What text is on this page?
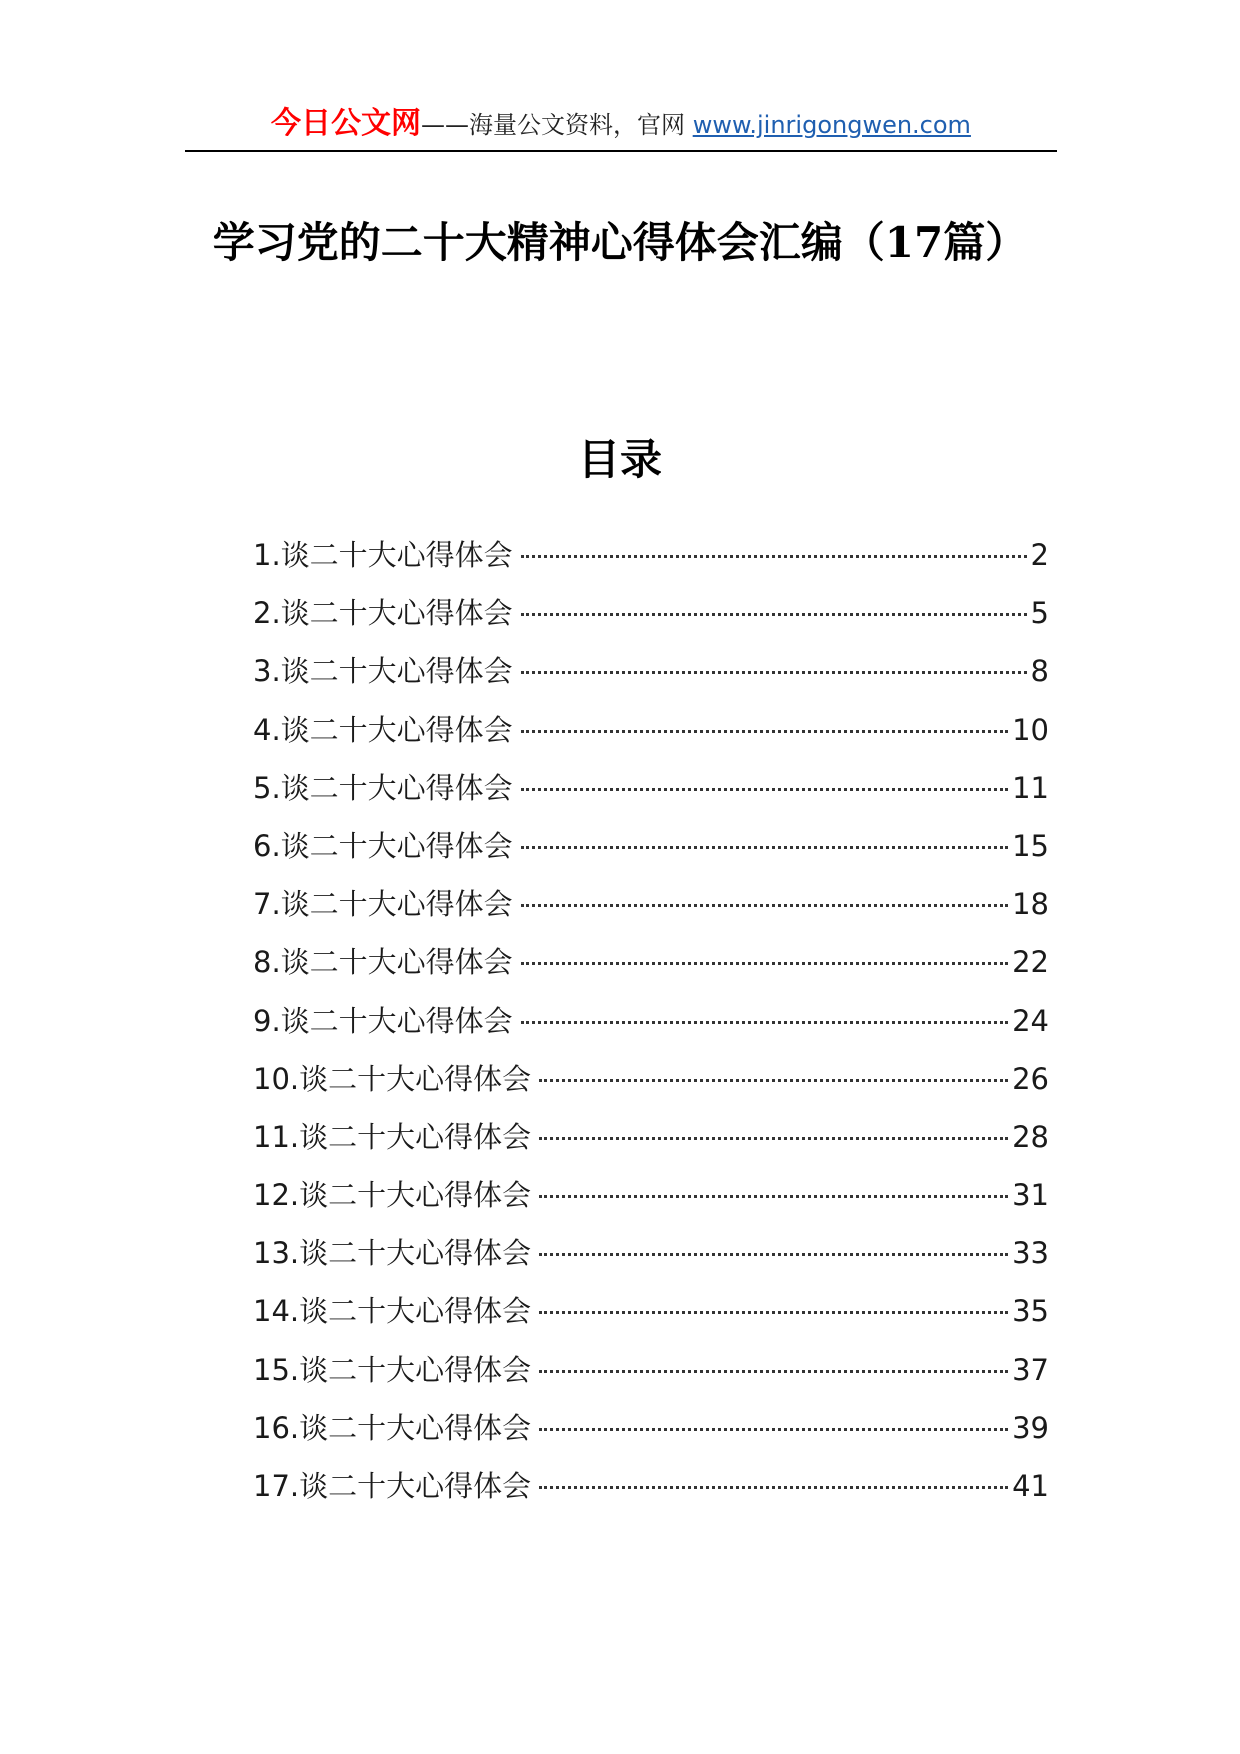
今日公文网——海量公文资料，官网 www.jinrigongwen.com
学习党的二十大精神心得体会汇编（17篇）
目录
1.谈二十大心得体会	2
2.谈二十大心得体会	5
3.谈二十大心得体会	8
4.谈二十大心得体会	10
5.谈二十大心得体会	11
6.谈二十大心得体会	15
7.谈二十大心得体会	18
8.谈二十大心得体会	22
9.谈二十大心得体会	24
10.谈二十大心得体会	26
11.谈二十大心得体会	28
12.谈二十大心得体会	31
13.谈二十大心得体会	33
14.谈二十大心得体会	35
15.谈二十大心得体会	37
16.谈二十大心得体会	39
17.谈二十大心得体会	41
